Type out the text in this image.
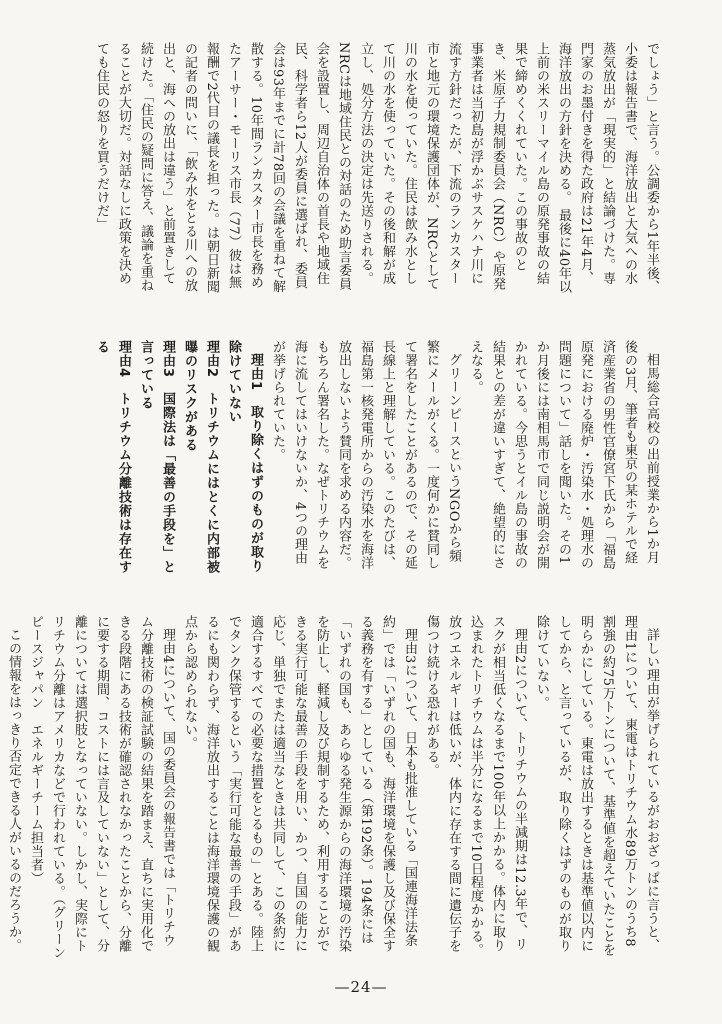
でしょう」と言う。公調委から1年半後、小委は報告書で、海洋放出と大気への水蒸気放出が「現実的」と結論づけた。専門家のお墨付きを得た政府は21年4月、海洋放出の方針を決める。 最後に40年以上前の米スリーマイル島の原発事故の結果で締めくくれていた。この事故のとき、米原子力規制委員会（NRC）や原発事業者は当初島が浮かぶサスケハナ川に流す方針だったが、下流のランカスター市と地元の環境保護団体が、NRCとして川の水を使っていた。住民は飲み水として川の水を使っていた。その後和解が成立し、処分方法の決定は先送りされる。NRCは地域住民との対話のため助言委員会を設置し、周辺自治体の首長や地域住民、科学者ら12人が委員に選ばれ、委員会は93年までに計78回の会議を重ねて解散する。10年間ランカスター市長を務めたアーサー・モーリス市長（77）彼は無報酬で2代目の議長を担った。は朝日新聞の記者の問いに、「飲み水をとる川への放出と、海への放出は違う」と前置きして続けた。「住民の疑問に答え、議論を重ねることが大切だ。対話なしに政策を決めても住民の怒りを買うだけだ」

相馬総合高校の出前授業から1か月後の3月、筆者も東京の某ホテルで経済産業省の男性官僚宮下氏から「福島原発における廃炉・汚染水・処理水の問題について」話しを聞いた。その1か月後には南相馬市で同じ説明会が開かれている。今思うとイル島の事故の結果との差が違いすぎて、絶望的にさえなる。

グリーンピースというNGOから頻繁にメールがくる。一度何かに賛同して署名をしたことがあるので、その延長線上と理解している。このたびは、福島第一核発電所からの汚染水を海洋放出しないよう賛同を求める内容だ。もちろん署名した。なぜトリチウムを海に流してはいけないか、4つの理由が挙げられていた。

理由1　取り除くはずのものが取り除けていない
理由2　トリチウムにはとくに内部被曝のリスクがある
理由3　国際法は「最善の手段を」と言っている
理由4　トリチウム分離技術は存在する

詳しい理由が挙げられているがおおざっぱに言うと、理由1について、東電はトリチウム水89万トンのうち8割強の約75万トンについて、基準値を超えていたことを明らかにしている。東電は放出するときは基準値以内にしてから、と言っているが、取り除くはずのものが取り除けていない。

理由2について、トリチウムの半減期は12.3年で、リスクが相当低くなるまで100年以上かかる。体内に取り込まれたトリチウムは半分になるまで10日程度かかる。放つエネルギーは低いが、体内に存在する間に遺伝子を傷つけ続ける恐れがある。

理由3について、日本も批准している「国連海洋法条約」では「いずれの国も、海洋環境を保護し及び保全する義務を有する」としている（第192条）。194条には「いずれの国も、あらゆる発生源からの海洋環境の汚染を防止し、軽減し及び規制するため、利用することができる実行可能な最善の手段を用い、かつ、自国の能力に応じ、単独でまたは適当なときは共同して、この条約に適合するすべての必要な措置をとるもの」とある。陸上でタンク保管するという「実行可能な最善の手段」があるにも関わらず、海洋放出することは海洋環境保護の観点から認められない。

理由4について、国の委員会の報告書では「トリチウム分離技術の検証試験の結果を踏まえ、直ちに実用化できる段階にある技術が確認されなかったことから、分離に要する期間、コストには言及していない」として、分離については選択肢となっていない。しかし、実際にトリチウム分離はアメリカなどで行われている。（グリーンピースジャパン　エネルギーチーム担当者）

この情報をはっきり否定できる人がいるのだろうか。

—24—
